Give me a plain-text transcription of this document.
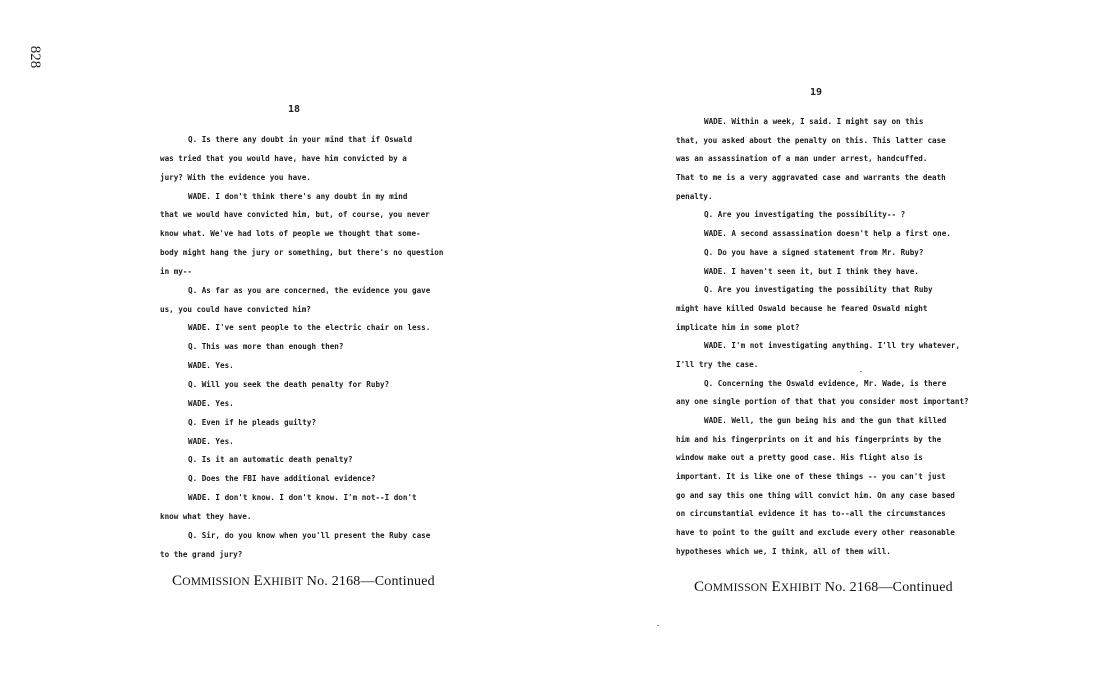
828
18
Q. Is there any doubt in your mind that if Oswald
was tried that you would have, have him convicted by a
jury? With the evidence you have.
WADE. I don't think there's any doubt in my mind
that we would have convicted him, but, of course, you never
know what. We've had lots of people we thought that some-
body might hang the jury or something, but there's no question
in my--
Q. As far as you are concerned, the evidence you gave
us, you could have convicted him?
WADE. I've sent people to the electric chair on less.
Q. This was more than enough then?
WADE. Yes.
Q. Will you seek the death penalty for Ruby?
WADE. Yes.
Q. Even if he pleads guilty?
WADE. Yes.
Q. Is it an automatic death penalty?
Q. Does the FBI have additional evidence?
WADE. I don't know. I don't know. I'm not--I don't
know what they have.
Q. Sir, do you know when you'll present the Ruby case
to the grand jury?
COMMISSION EXHIBIT No. 2168—Continued
19
WADE. Within a week, I said. I might say on this
that, you asked about the penalty on this. This latter case
was an assassination of a man under arrest, handcuffed.
That to me is a very aggravated case and warrants the death
penalty.
Q. Are you investigating the possibility-- ?
WADE. A second assassination doesn't help a first one.
Q. Do you have a signed statement from Mr. Ruby?
WADE. I haven't seen it, but I think they have.
Q. Are you investigating the possibility that Ruby
might have killed Oswald because he feared Oswald might
implicate him in some plot?
WADE. I'm not investigating anything. I'll try whatever,
I'll try the case.
Q. Concerning the Oswald evidence, Mr. Wade, is there
any one single portion of that that you consider most important?
WADE. Well, the gun being his and the gun that killed
him and his fingerprints on it and his fingerprints by the
window make out a pretty good case. His flight also is
important. It is like one of these things -- you can't just
go and say this one thing will convict him. On any case based
on circumstantial evidence it has to--all the circumstances
have to point to the guilt and exclude every other reasonable
hypotheses which we, I think, all of them will.
COMMISSON EXHIBIT No. 2168—Continued
